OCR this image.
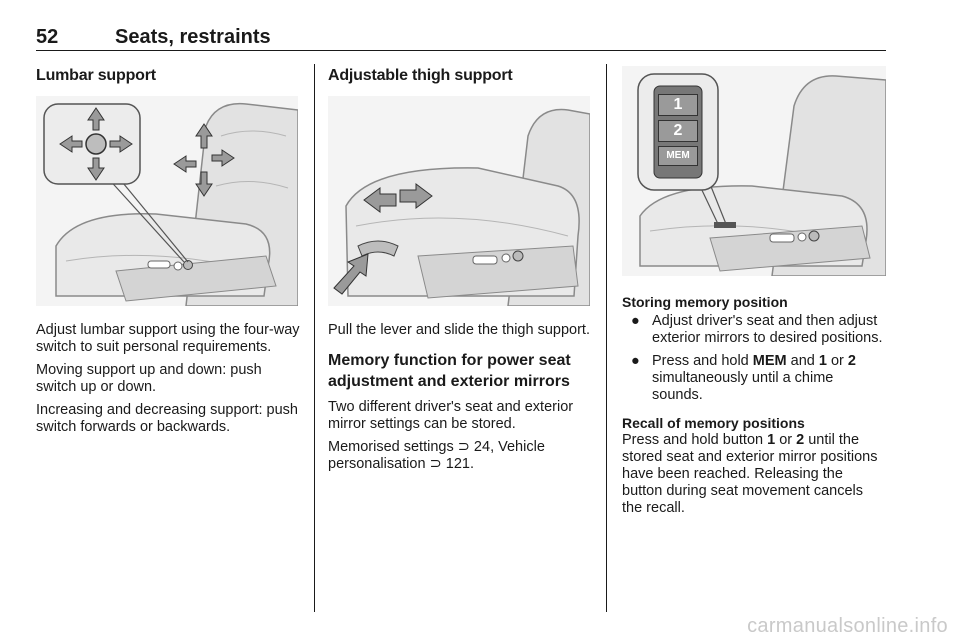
52	Seats, restraints
Lumbar support

Adjust lumbar support using the four-way switch to suit personal requirements.

Moving support up and down: push switch up or down.

Increasing and decreasing support: push switch forwards or backwards.

Adjustable thigh support

Pull the lever and slide the thigh support.

Memory function for power seat adjustment and exterior mirrors

Two different driver's seat and exterior mirror settings can be stored.

Memorised settings ⊃ 24, Vehicle personalisation ⊃ 121.

1
2
MEM
Storing memory position
● Adjust driver's seat and then adjust exterior mirrors to desired positions.
● Press and hold MEM and 1 or 2 simultaneously until a chime sounds.
Recall of memory positions

Press and hold button 1 or 2 until the stored seat and exterior mirror positions have been reached. Releasing the button during seat movement cancels the recall.

carmanualsonline.info
